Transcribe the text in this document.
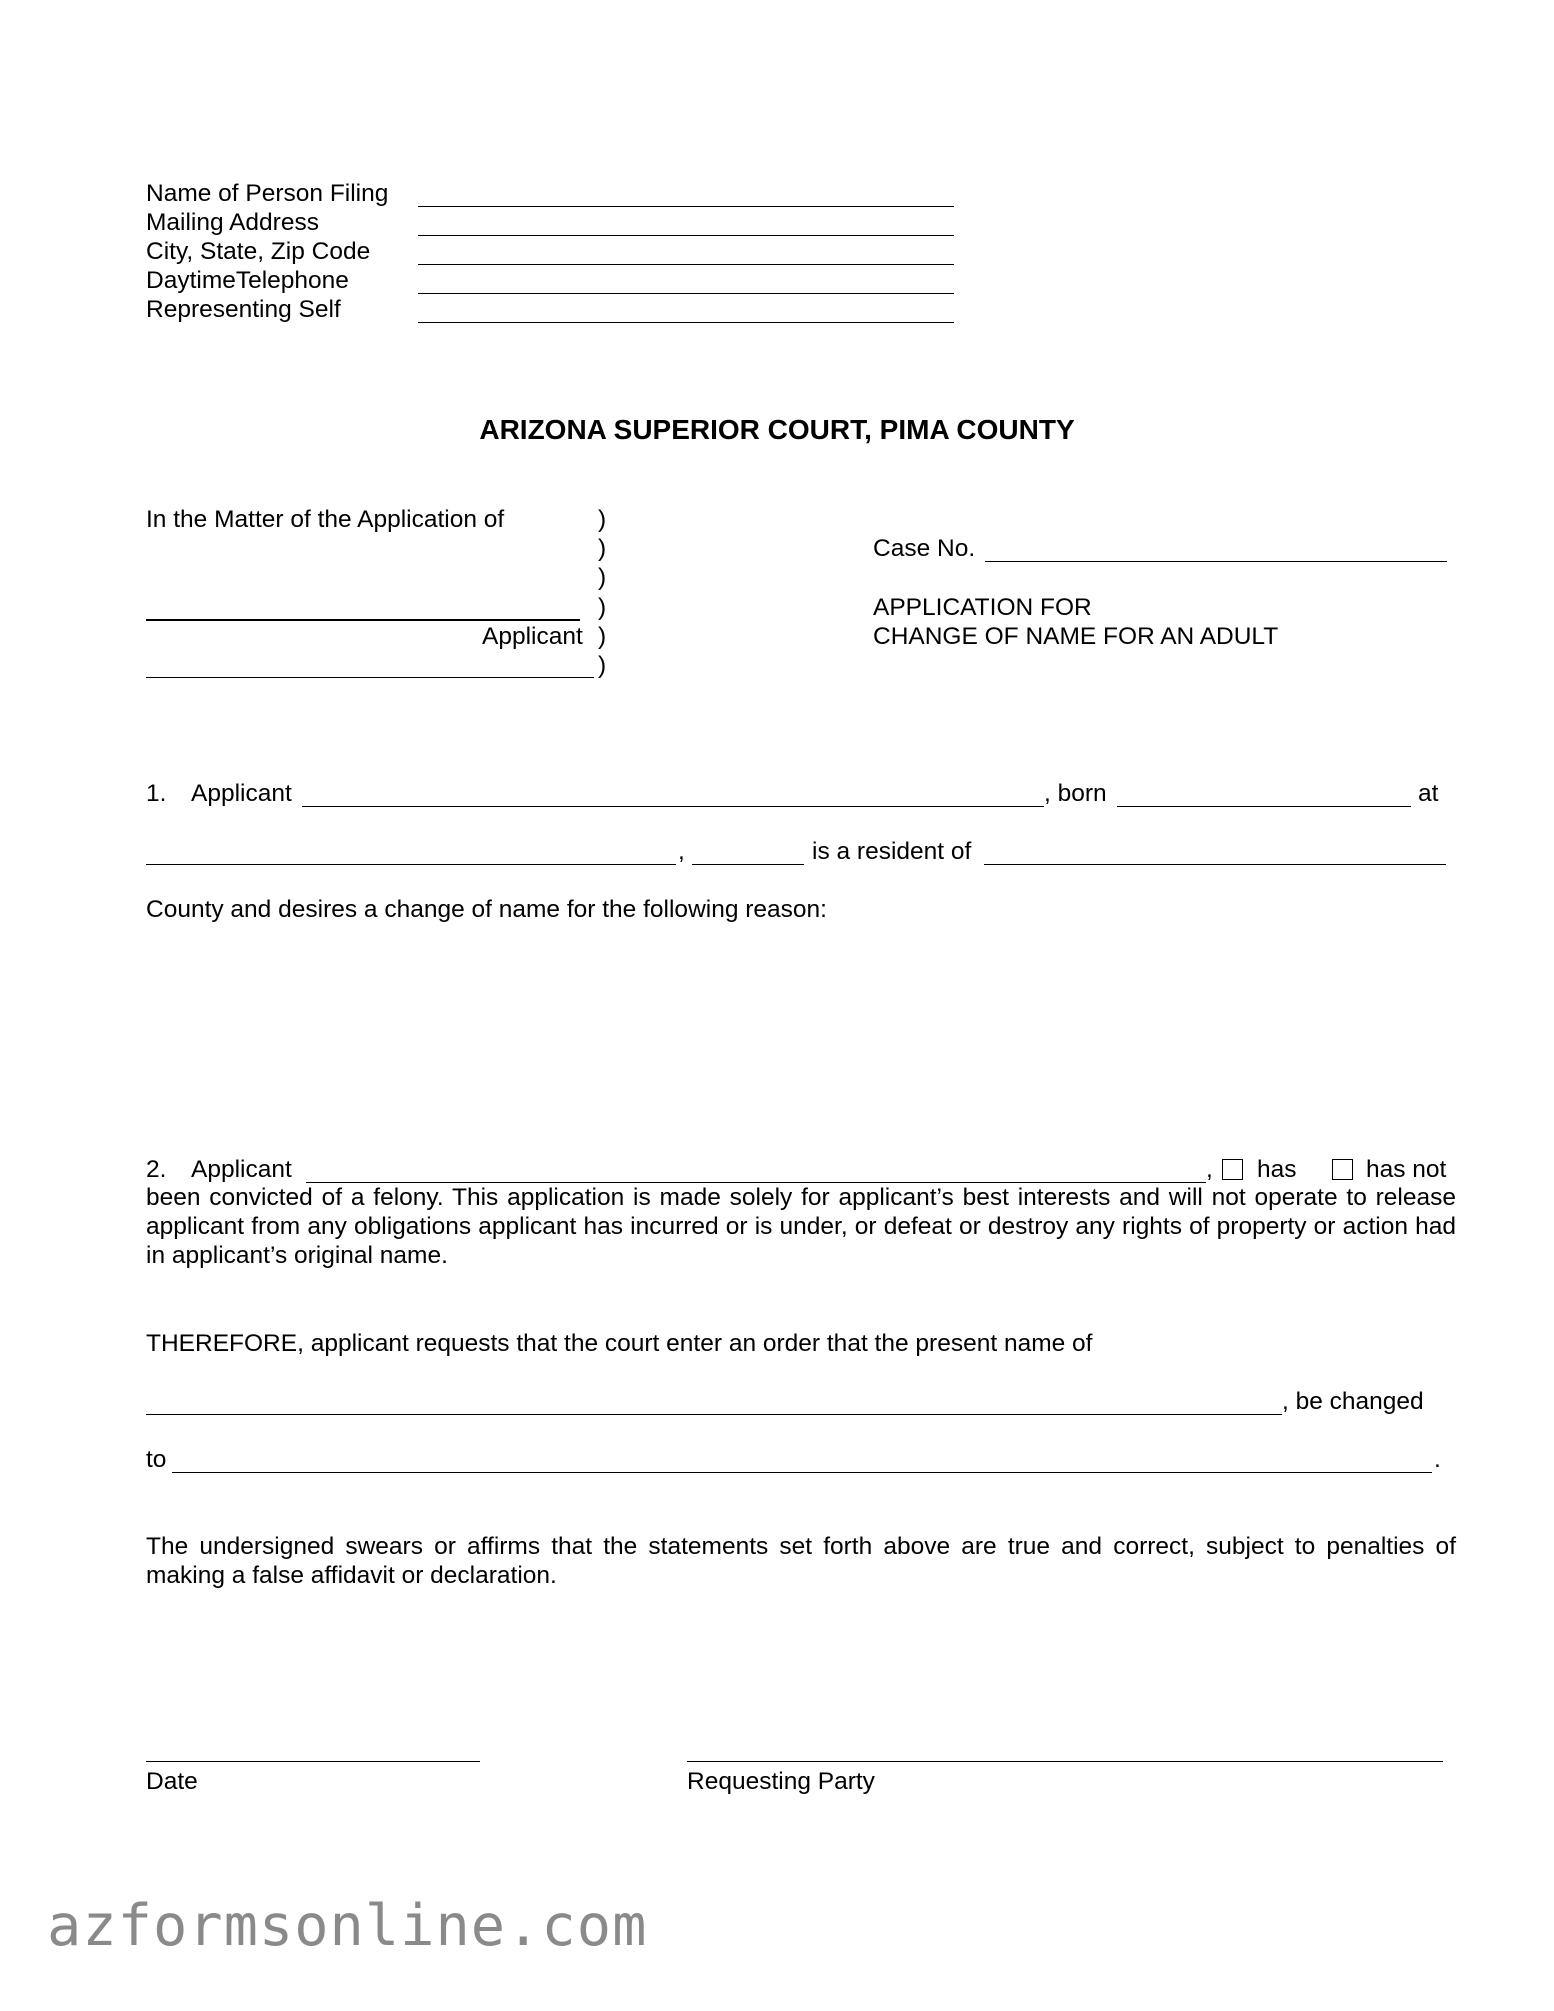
Name of Person Filing
Mailing Address
City, State, Zip Code
DaytimeTelephone
Representing Self
ARIZONA SUPERIOR COURT, PIMA COUNTY
In the Matter of the Application of	)
)
)
)
)
)
Applicant
Case No.
APPLICATION FOR
CHANGE OF NAME FOR AN ADULT
1. Applicant	, born	at
,	is a resident of
County and desires a change of name for the following reason:
2. Applicant	, has	has not
been convicted of a felony. This application is made solely for applicant’s best interests and will not operate to release applicant from any obligations applicant has incurred or is under, or defeat or destroy any rights of property or action had in applicant’s original name.
THEREFORE, applicant requests that the court enter an order that the present name of
, be changed
to	.
The undersigned swears or affirms that the statements set forth above are true and correct, subject to penalties of making a false affidavit or declaration.
Date	Requesting Party
azformsonline.com
